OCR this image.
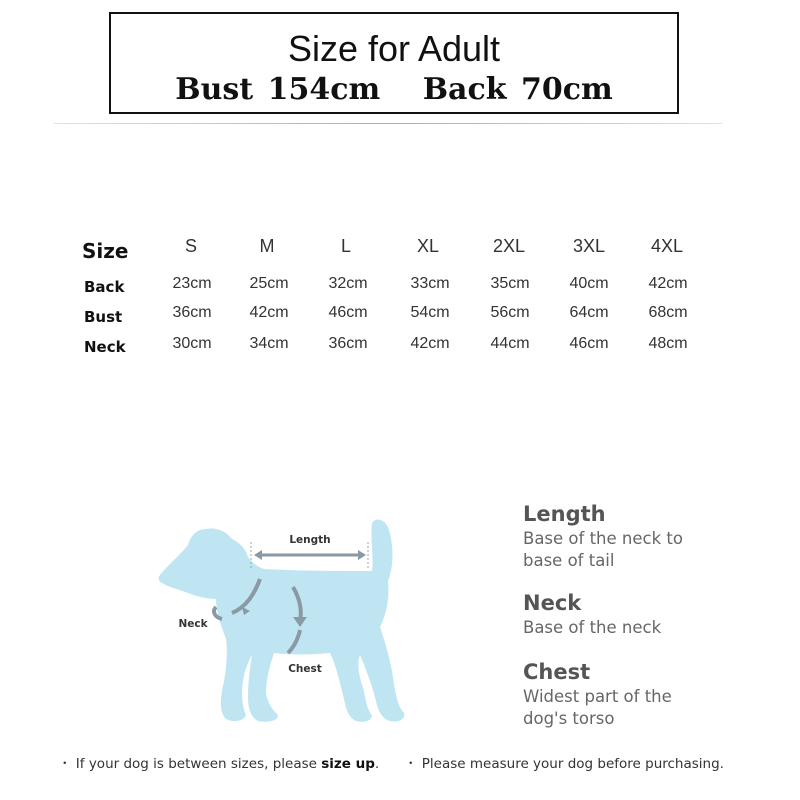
Size for Adult
Bust 154cm Back 70cm
Size	S	M	L	XL	2XL	3XL	4XL
Back	23cm 25cm 32cm	33cm	35cm 40cm 42cm
Bust	36cm 42cm 46cm	54cm	56cm 64cm 68cm
Neck	30cm 34cm 36cm	42cm	44cm 46cm 48cm
Length
Neck
Chest
Length
Base of the neck to
base of tail
Neck
Base of the neck
Chest
Widest part of the
dog's torso
・ If your dog is between sizes, please size up. ・ Please measure your dog before purchasing.
